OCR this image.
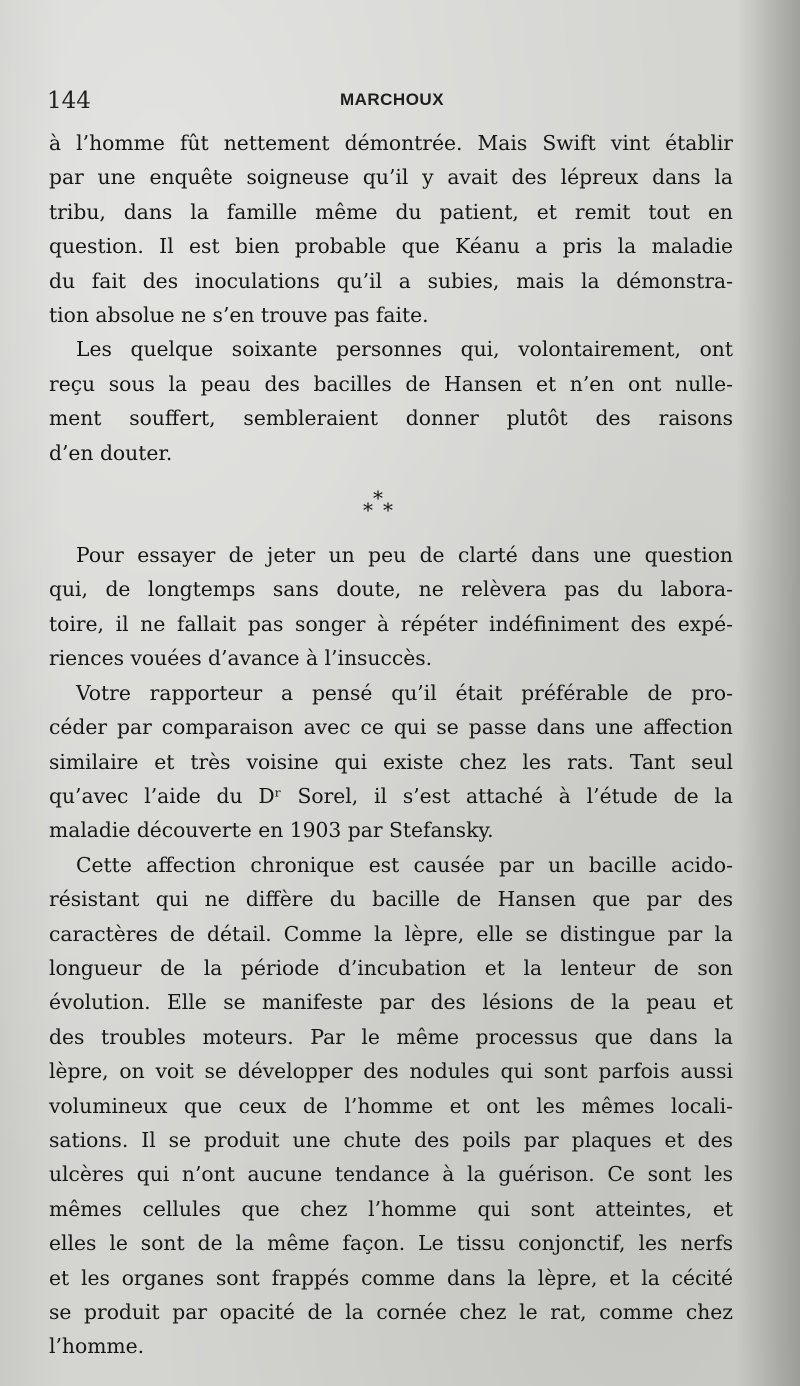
144	MARCHOUX

à l’homme fût nettement démontrée. Mais Swift vint établir
par une enquête soigneuse qu’il y avait des lépreux dans la
tribu, dans la famille même du patient, et remit tout en
question. Il est bien probable que Kéanu a pris la maladie
du fait des inoculations qu’il a subies, mais la démonstra-
tion absolue ne s’en trouve pas faite.

Les quelque soixante personnes qui, volontairement, ont
reçu sous la peau des bacilles de Hansen et n’en ont nulle-
ment souffert, sembleraient donner plutôt des raisons
d’en douter.

*
* *

Pour essayer de jeter un peu de clarté dans une question
qui, de longtemps sans doute, ne relèvera pas du labora-
toire, il ne fallait pas songer à répéter indéfiniment des expé-
riences vouées d’avance à l’insuccès.

Votre rapporteur a pensé qu’il était préférable de pro-
céder par comparaison avec ce qui se passe dans une affection
similaire et très voisine qui existe chez les rats. Tant seul
qu’avec l’aide du Dʳ Sorel, il s’est attaché à l’étude de la
maladie découverte en 1903 par Stefansky.

Cette affection chronique est causée par un bacille acido-
résistant qui ne diffère du bacille de Hansen que par des
caractères de détail. Comme la lèpre, elle se distingue par la
longueur de la période d’incubation et la lenteur de son
évolution. Elle se manifeste par des lésions de la peau et
des troubles moteurs. Par le même processus que dans la
lèpre, on voit se développer des nodules qui sont parfois aussi
volumineux que ceux de l’homme et ont les mêmes locali-
sations. Il se produit une chute des poils par plaques et des
ulcères qui n’ont aucune tendance à la guérison. Ce sont les
mêmes cellules que chez l’homme qui sont atteintes, et
elles le sont de la même façon. Le tissu conjonctif, les nerfs
et les organes sont frappés comme dans la lèpre, et la cécité
se produit par opacité de la cornée chez le rat, comme chez
l’homme.
